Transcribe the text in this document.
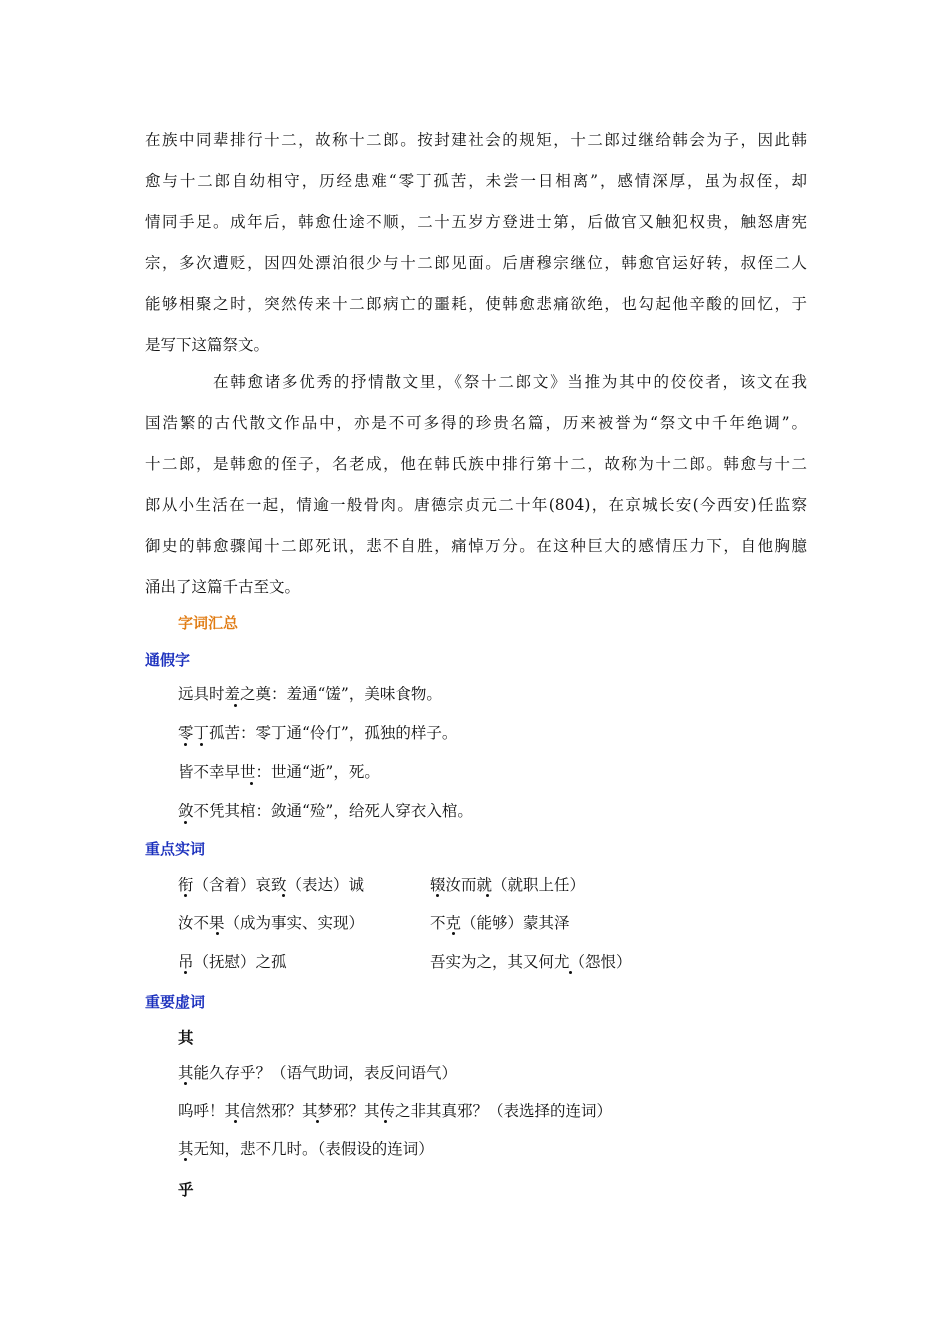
在族中同辈排行十二，故称十二郎。按封建社会的规矩，十二郎过继给韩会为子，因此韩
愈与十二郎自幼相守，历经患难“零丁孤苦，未尝一日相离”，感情深厚，虽为叔侄，却
情同手足。成年后，韩愈仕途不顺，二十五岁方登进士第，后做官又触犯权贵，触怒唐宪
宗，多次遭贬，因四处漂泊很少与十二郎见面。后唐穆宗继位，韩愈官运好转，叔侄二人
能够相聚之时，突然传来十二郎病亡的噩耗，使韩愈悲痛欲绝，也勾起他辛酸的回忆，于
是写下这篇祭文。
在韩愈诸多优秀的抒情散文里，《祭十二郎文》当推为其中的佼佼者，该文在我
国浩繁的古代散文作品中，亦是不可多得的珍贵名篇，历来被誉为“祭文中千年绝调”。
十二郎，是韩愈的侄子，名老成，他在韩氏族中排行第十二，故称为十二郎。韩愈与十二
郎从小生活在一起，情逾一般骨肉。唐德宗贞元二十年(804)，在京城长安(今西安)任监察
御史的韩愈骤闻十二郎死讯，悲不自胜，痛悼万分。在这种巨大的感情压力下，自他胸臆
涌出了这篇千古至文。
字词汇总
通假字
远具时羞之奠：羞通“馐”，美味食物。
零丁孤苦：零丁通“伶仃”，孤独的样子。
皆不幸早世：世通“逝”，死。
敛不凭其棺：敛通“殓”，给死人穿衣入棺。
重点实词
衔（含着）哀致（表达）诚	辍汝而就（就职上任）
汝不果（成为事实、实现）	不克（能够）蒙其泽
吊（抚慰）之孤	吾实为之，其又何尤（怨恨）
重要虚词
其
其能久存乎？（语气助词，表反问语气）
呜呼！其信然邪？其梦邪？其传之非其真邪？（表选择的连词）
其无知，悲不几时。（表假设的连词）
乎
